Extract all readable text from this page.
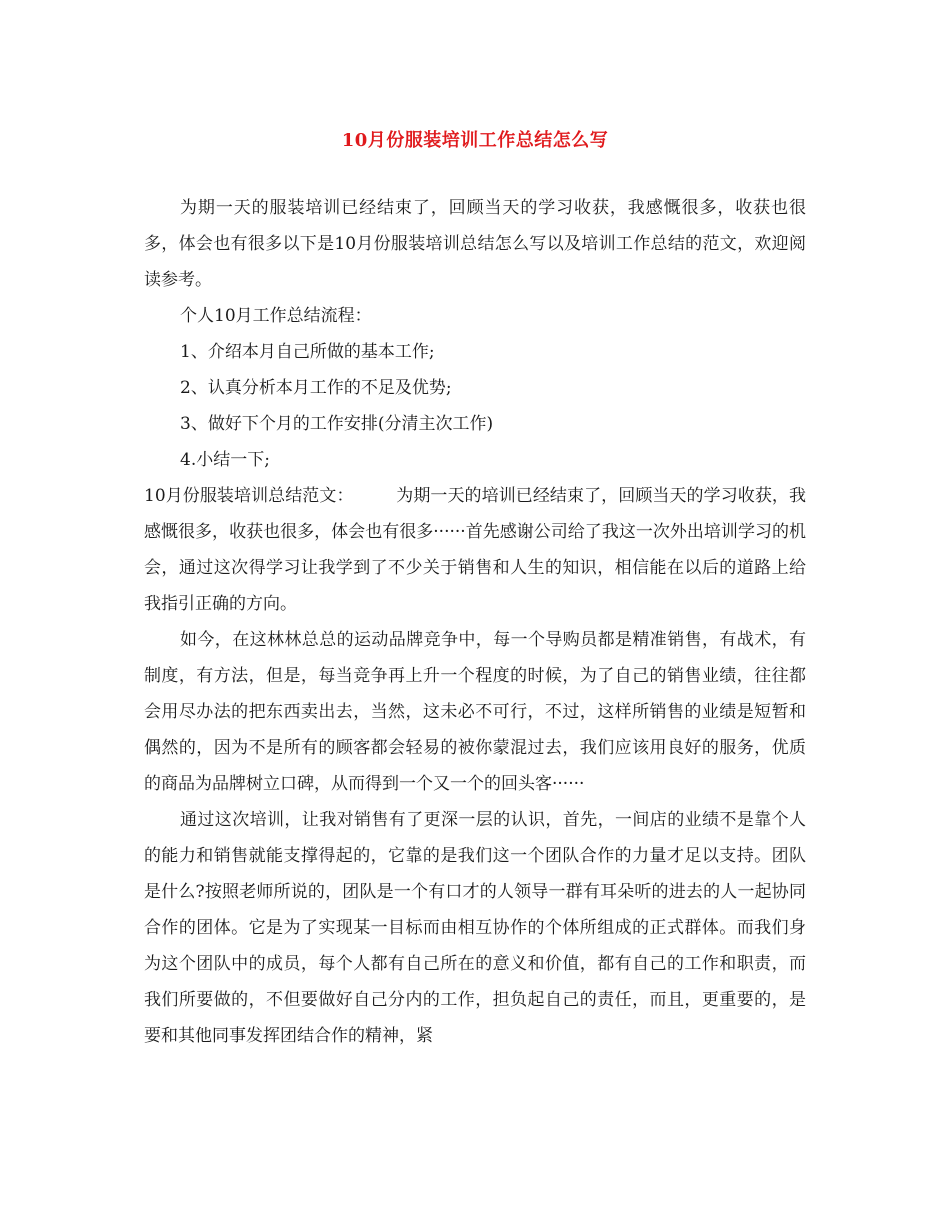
10月份服装培训工作总结怎么写

为期一天的服装培训已经结束了，回顾当天的学习收获，我感慨很多，收获也很多，体会也有很多以下是10月份服装培训总结怎么写以及培训工作总结的范文，欢迎阅读参考。

个人10月工作总结流程：

1、介绍本月自己所做的基本工作;

2、认真分析本月工作的不足及优势;

3、做好下个月的工作安排(分清主次工作)

4.小结一下;

10月份服装培训总结范文：　　　为期一天的培训已经结束了，回顾当天的学习收获，我感慨很多，收获也很多，体会也有很多······首先感谢公司给了我这一次外出培训学习的机会，通过这次得学习让我学到了不少关于销售和人生的知识，相信能在以后的道路上给我指引正确的方向。

如今，在这林林总总的运动品牌竞争中，每一个导购员都是精准销售，有战术，有制度，有方法，但是，每当竞争再上升一个程度的时候，为了自己的销售业绩，往往都会用尽办法的把东西卖出去，当然，这未必不可行，不过，这样所销售的业绩是短暂和偶然的，因为不是所有的顾客都会轻易的被你蒙混过去，我们应该用良好的服务，优质的商品为品牌树立口碑，从而得到一个又一个的回头客······

通过这次培训，让我对销售有了更深一层的认识，首先，一间店的业绩不是靠个人的能力和销售就能支撑得起的，它靠的是我们这一个团队合作的力量才足以支持。团队是什么?按照老师所说的，团队是一个有口才的人领导一群有耳朵听的进去的人一起协同合作的团体。它是为了实现某一目标而由相互协作的个体所组成的正式群体。而我们身为这个团队中的成员，每个人都有自己所在的意义和价值，都有自己的工作和职责，而我们所要做的，不但要做好自己分内的工作，担负起自己的责任，而且，更重要的，是要和其他同事发挥团结合作的精神，紧
